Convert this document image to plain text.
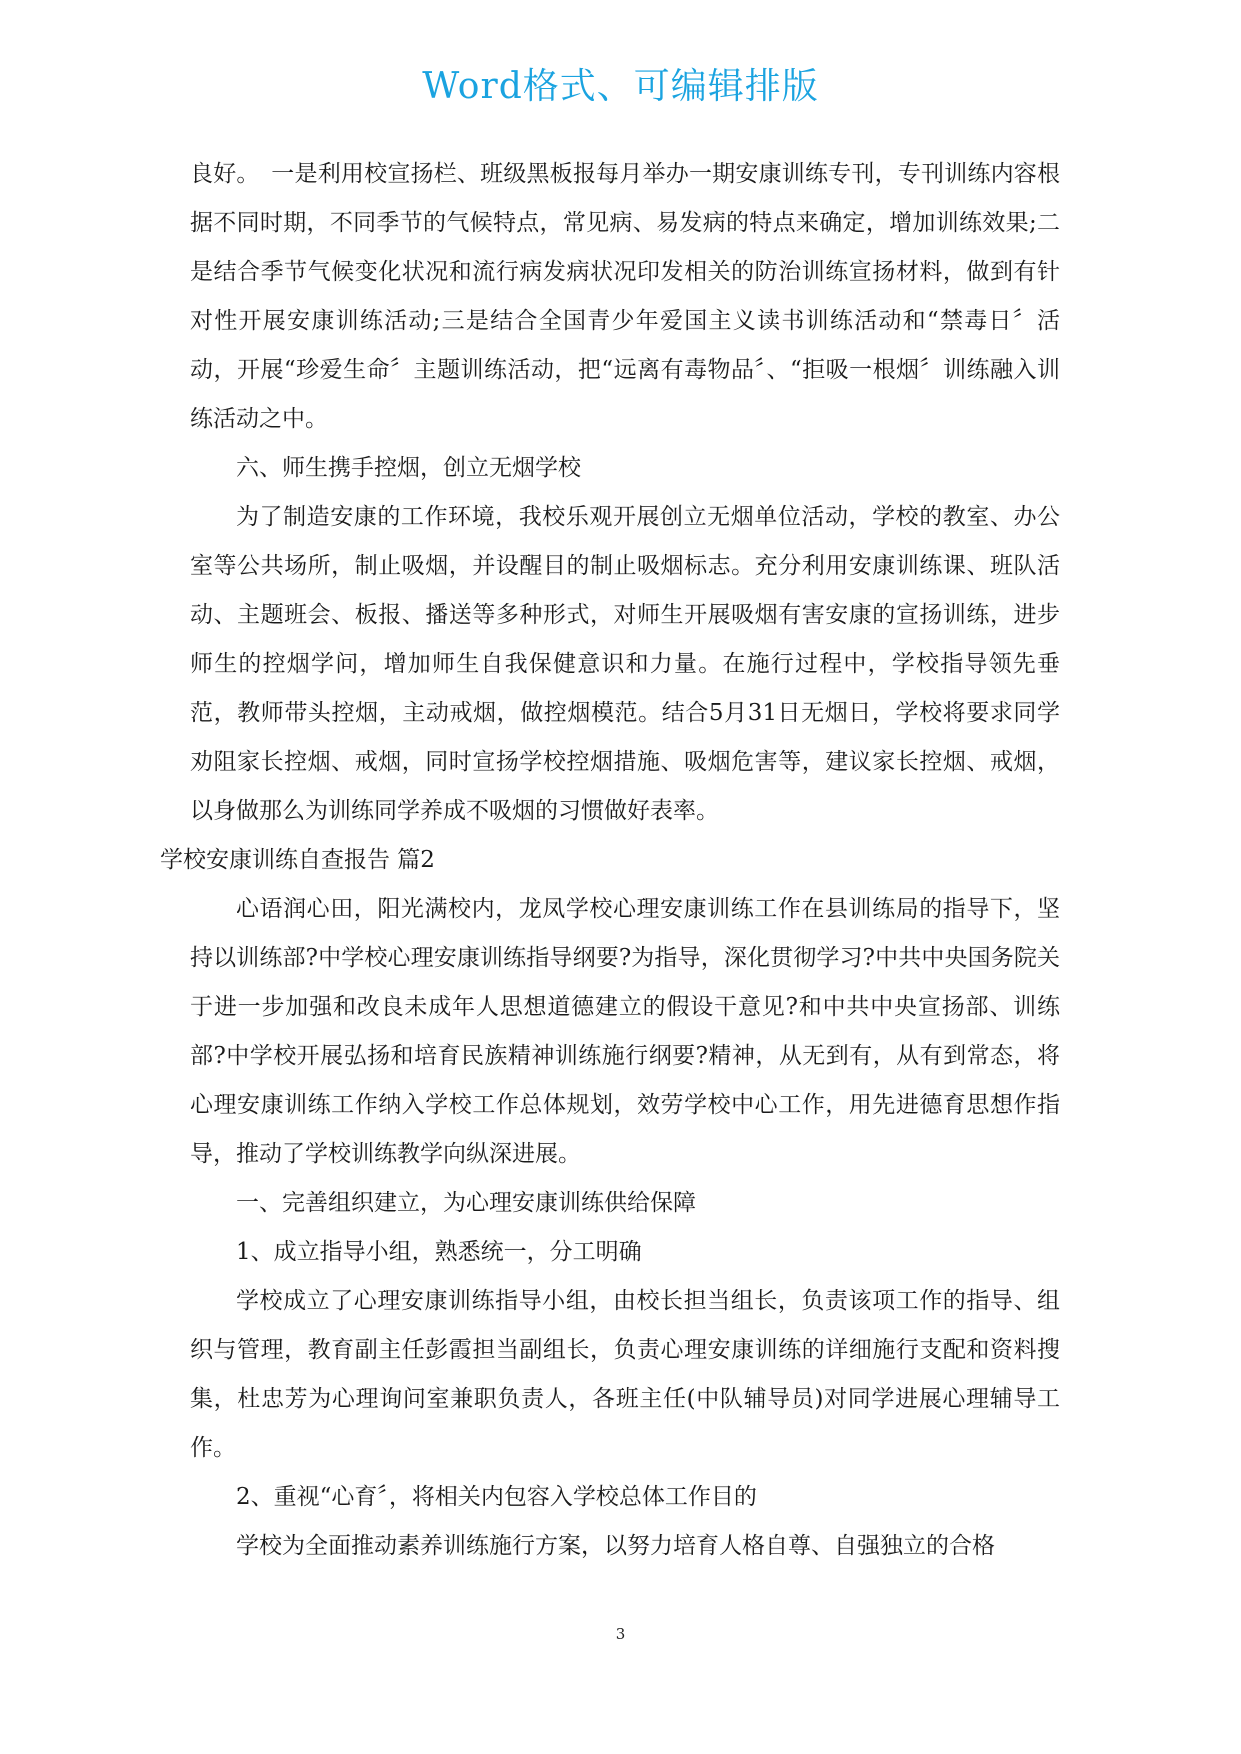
Word格式、可编辑排版

良好。　一是利用校宣扬栏、班级黑板报每月举办一期安康训练专刊，专刊训练内容根据不同时期，不同季节的气候特点，常见病、易发病的特点来确定，增加训练效果;二是结合季节气候变化状况和流行病发病状况印发相关的防治训练宣扬材料，做到有针对性开展安康训练活动;三是结合全国青少年爱国主义读书训练活动和“禁毒日〞活动，开展“珍爱生命〞主题训练活动，把“远离有毒物品〞、“拒吸一根烟〞训练融入训练活动之中。

六、师生携手控烟，创立无烟学校

为了制造安康的工作环境，我校乐观开展创立无烟单位活动，学校的教室、办公室等公共场所，制止吸烟，并设醒目的制止吸烟标志。充分利用安康训练课、班队活动、主题班会、板报、播送等多种形式，对师生开展吸烟有害安康的宣扬训练，进步师生的控烟学问，增加师生自我保健意识和力量。在施行过程中，学校指导领先垂范，教师带头控烟，主动戒烟，做控烟模范。结合5月31日无烟日，学校将要求同学劝阻家长控烟、戒烟，同时宣扬学校控烟措施、吸烟危害等，建议家长控烟、戒烟，以身做那么为训练同学养成不吸烟的习惯做好表率。

学校安康训练自查报告 篇2

心语润心田，阳光满校内，龙凤学校心理安康训练工作在县训练局的指导下，坚持以训练部?中学校心理安康训练指导纲要?为指导，深化贯彻学习?中共中央国务院关于进一步加强和改良未成年人思想道德建立的假设干意见?和中共中央宣扬部、训练部?中学校开展弘扬和培育民族精神训练施行纲要?精神，从无到有，从有到常态，将心理安康训练工作纳入学校工作总体规划，效劳学校中心工作，用先进德育思想作指导，推动了学校训练教学向纵深进展。

一、完善组织建立，为心理安康训练供给保障

1、成立指导小组，熟悉统一，分工明确

学校成立了心理安康训练指导小组，由校长担当组长，负责该项工作的指导、组织与管理，教育副主任彭霞担当副组长，负责心理安康训练的详细施行支配和资料搜集，杜忠芳为心理询问室兼职负责人，各班主任(中队辅导员)对同学进展心理辅导工作。

2、重视“心育〞，将相关内包容入学校总体工作目的

学校为全面推动素养训练施行方案，以努力培育人格自尊、自强独立的合格

3
